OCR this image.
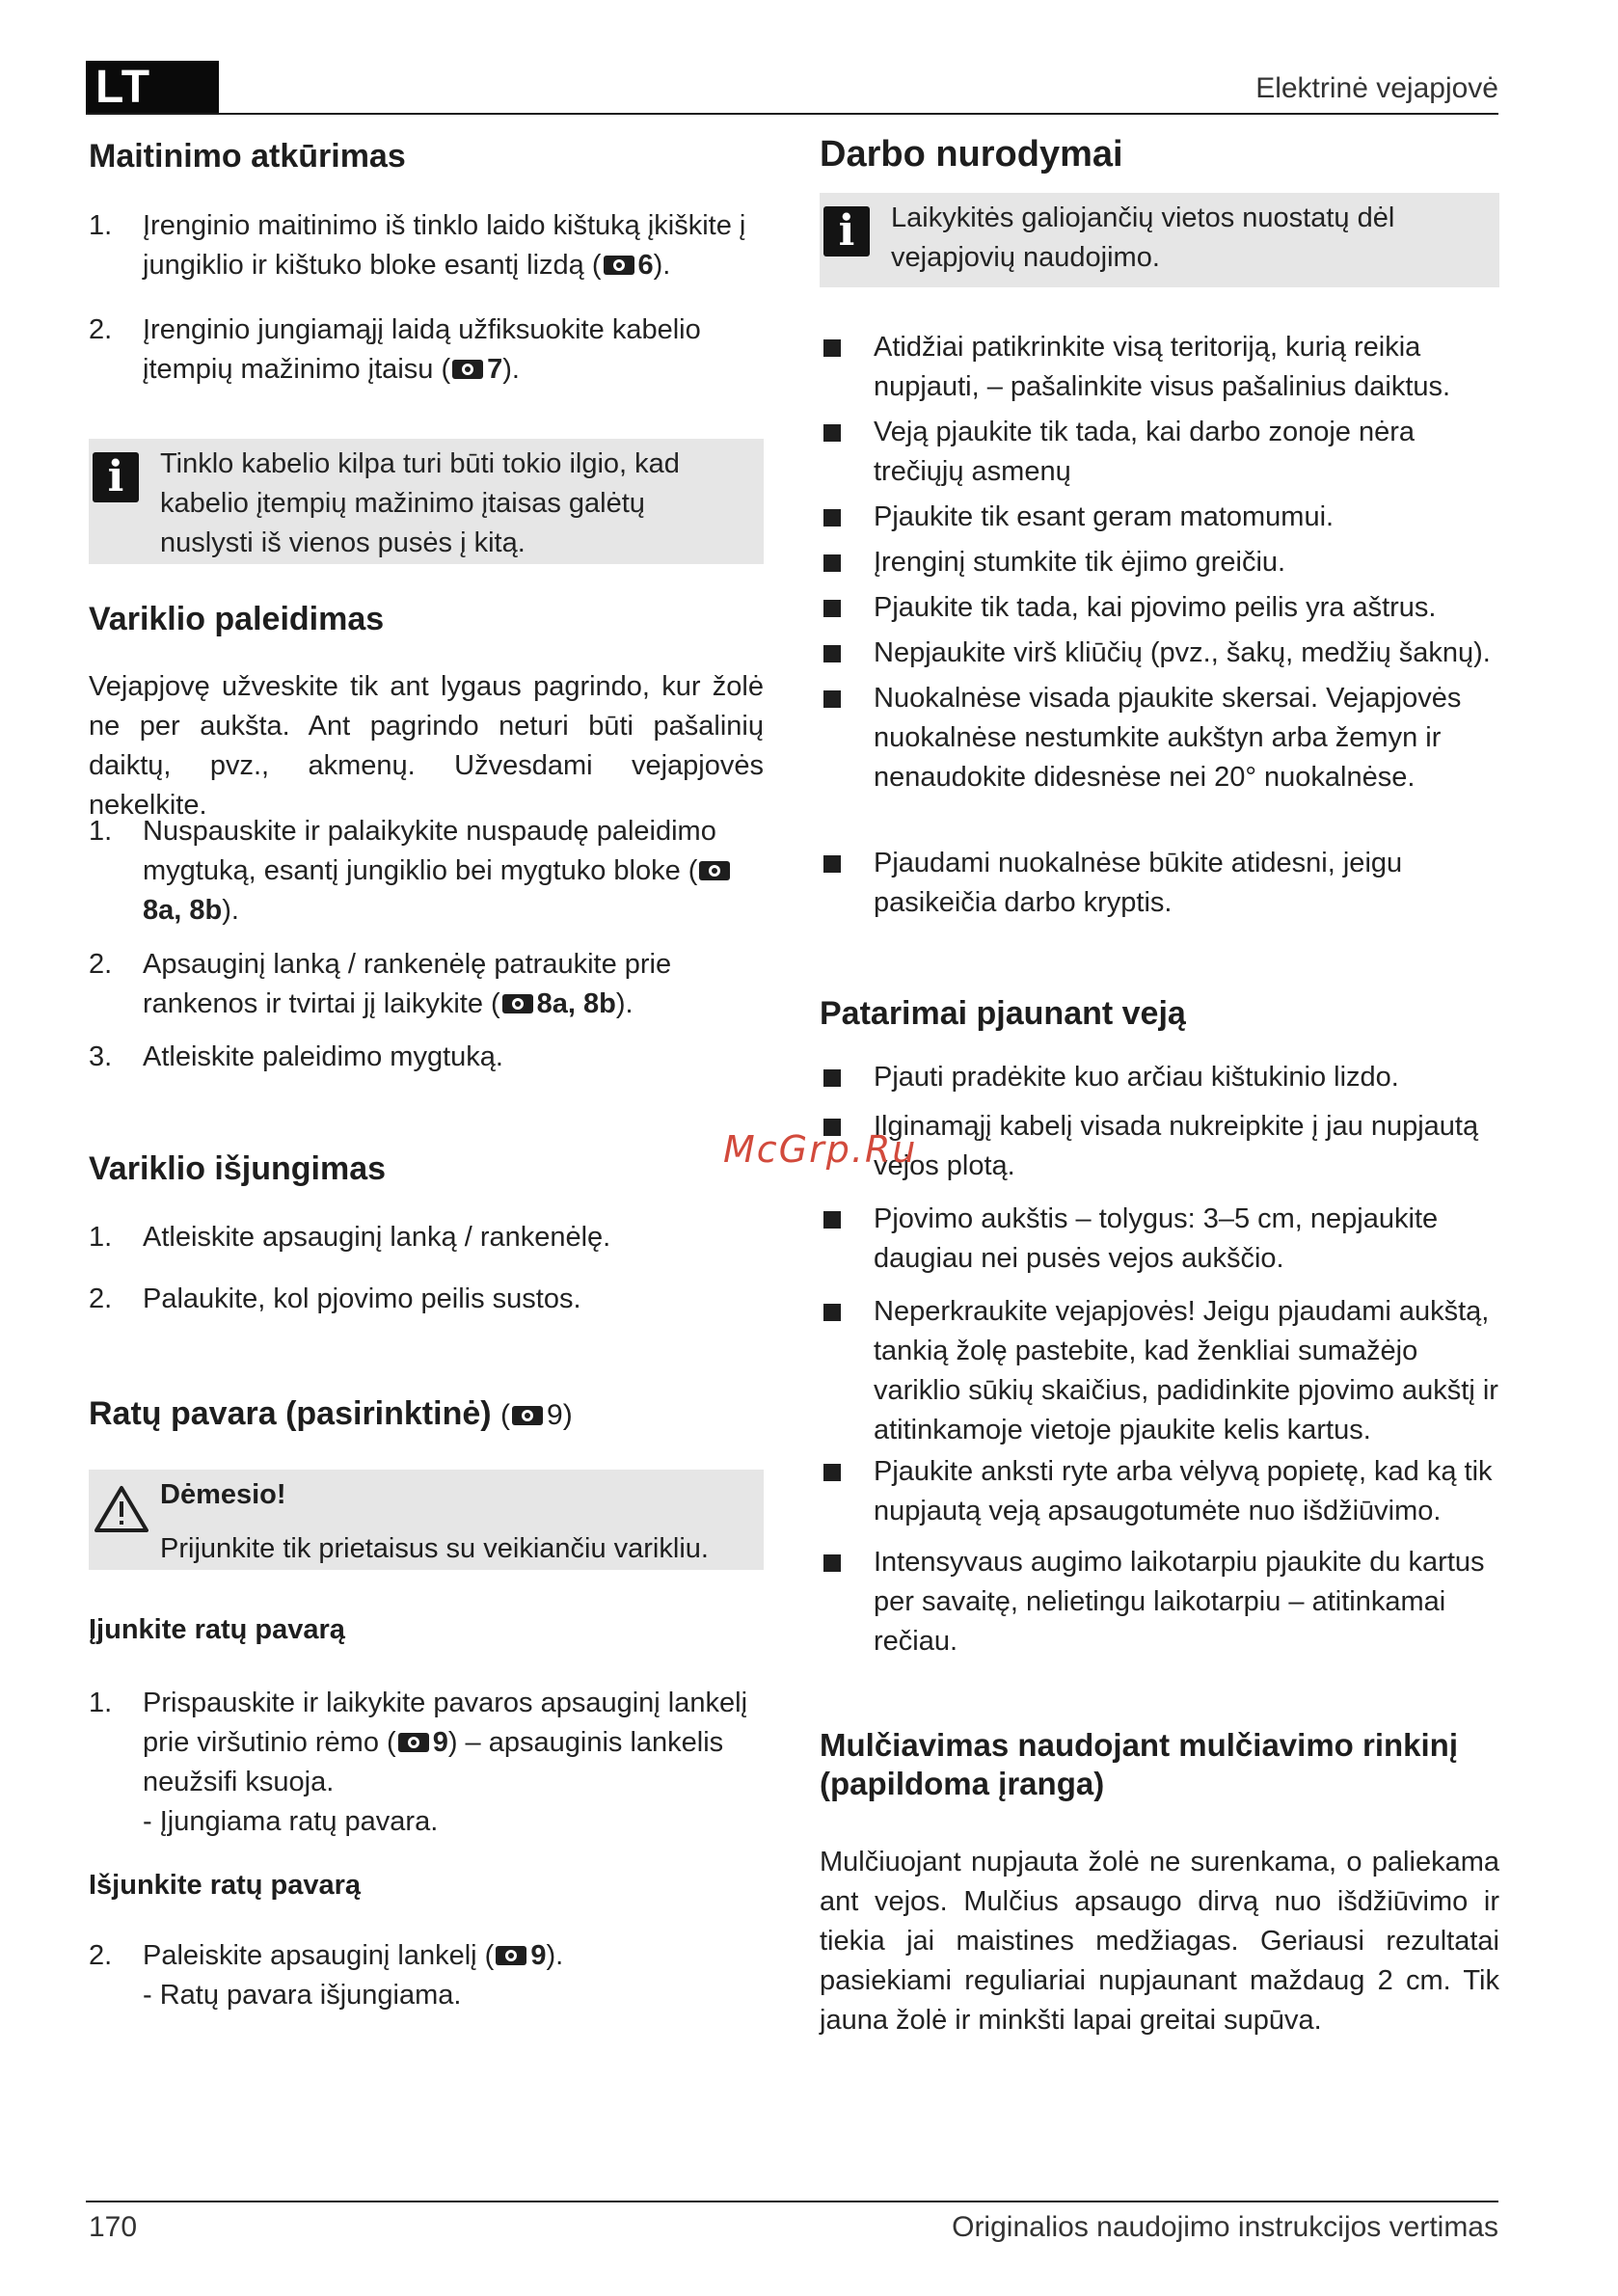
LT	Elektrinė vejapjovė
Maitinimo atkūrimas
1. Įrenginio maitinimo iš tinklo laido kištuką įkiškite į jungiklio ir kištuko bloke esantį lizdą ( 6).
2. Įrenginio jungiamąjį laidą užfiksuokite kabelio įtempių mažinimo įtaisu ( 7).
i	Tinklo kabelio kilpa turi būti tokio ilgio, kad kabelio įtempių mažinimo įtaisas galėtų nuslysti iš vienos pusės į kitą.
Variklio paleidimas
Vejapjovę užveskite tik ant lygaus pagrindo, kur žolė ne per aukšta. Ant pagrindo neturi būti pašalinių daiktų, pvz., akmenų. Užvesdami vejapjovės nekelkite.
1. Nuspauskite ir palaikykite nuspaudę paleidimo mygtuką, esantį jungiklio bei mygtuko bloke (8a, 8b).
2. Apsauginį lanką / rankenėlę patraukite prie rankenos ir tvirtai jį laikykite ( 8a, 8b).
3. Atleiskite paleidimo mygtuką.
Variklio išjungimas
1. Atleiskite apsauginį lanką / rankenėlę.
2. Palaukite, kol pjovimo peilis sustos.
Ratų pavara (pasirinktinė) ( 9)
Dėmesio!
Prijunkite tik prietaisus su veikiančiu varikliu.
Įjunkite ratų pavarą
1. Prispauskite ir laikykite pavaros apsauginį lankelį prie viršutinio rėmo ( 9) – apsauginis lankelis neužsifi ksuoja.
- Įjungiama ratų pavara.
Išjunkite ratų pavarą
2. Paleiskite apsauginį lankelį ( 9).
- Ratų pavara išjungiama.
Darbo nurodymai
i	Laikykitės galiojančių vietos nuostatų dėl vejapjovių naudojimo.
Atidžiai patikrinkite visą teritoriją, kurią reikia nupjauti, – pašalinkite visus pašalinius daiktus.
Veją pjaukite tik tada, kai darbo zonoje nėra trečiųjų asmenų
Pjaukite tik esant geram matomumui.
Įrenginį stumkite tik ėjimo greičiu.
Pjaukite tik tada, kai pjovimo peilis yra aštrus.
Nepjaukite virš kliūčių (pvz., šakų, medžių šaknų).
Nuokalnėse visada pjaukite skersai. Vejapjovės nuokalnėse nestumkite aukštyn arba žemyn ir nenaudokite didesnėse nei 20° nuokalnėse.
Pjaudami nuokalnėse būkite atidesni, jeigu pasikeičia darbo kryptis.
Patarimai pjaunant veją
Pjauti pradėkite kuo arčiau kištukinio lizdo.
Ilginamąjį kabelį visada nukreipkite į jau nupjautą vejos plotą.
Pjovimo aukštis – tolygus: 3–5 cm, nepjaukite daugiau nei pusės vejos aukščio.
Neperkraukite vejapjovės! Jeigu pjaudami aukštą, tankią žolę pastebite, kad ženkliai sumažėjo variklio sūkių skaičius, padidinkite pjovimo aukštį ir atitinkamoje vietoje pjaukite kelis kartus.
Pjaukite anksti ryte arba vėlyvą popietę, kad ką tik nupjautą veją apsaugotumėte nuo išdžiūvimo.
Intensyvaus augimo laikotarpiu pjaukite du kartus per savaitę, nelietingu laikotarpiu – atitinkamai rečiau.
Mulčiavimas naudojant mulčiavimo rinkinį
(papildoma įranga)
Mulčiuojant nupjauta žolė ne surenkama, o paliekama ant vejos. Mulčius apsaugo dirvą nuo išdžiūvimo ir tiekia jai maistines medžiagas. Geriausi rezultatai pasiekiami reguliariai nupjaunant maždaug 2 cm. Tik jauna žolė ir minkšti lapai greitai supūva.
McGrp.Ru
170	Originalios naudojimo instrukcijos vertimas
